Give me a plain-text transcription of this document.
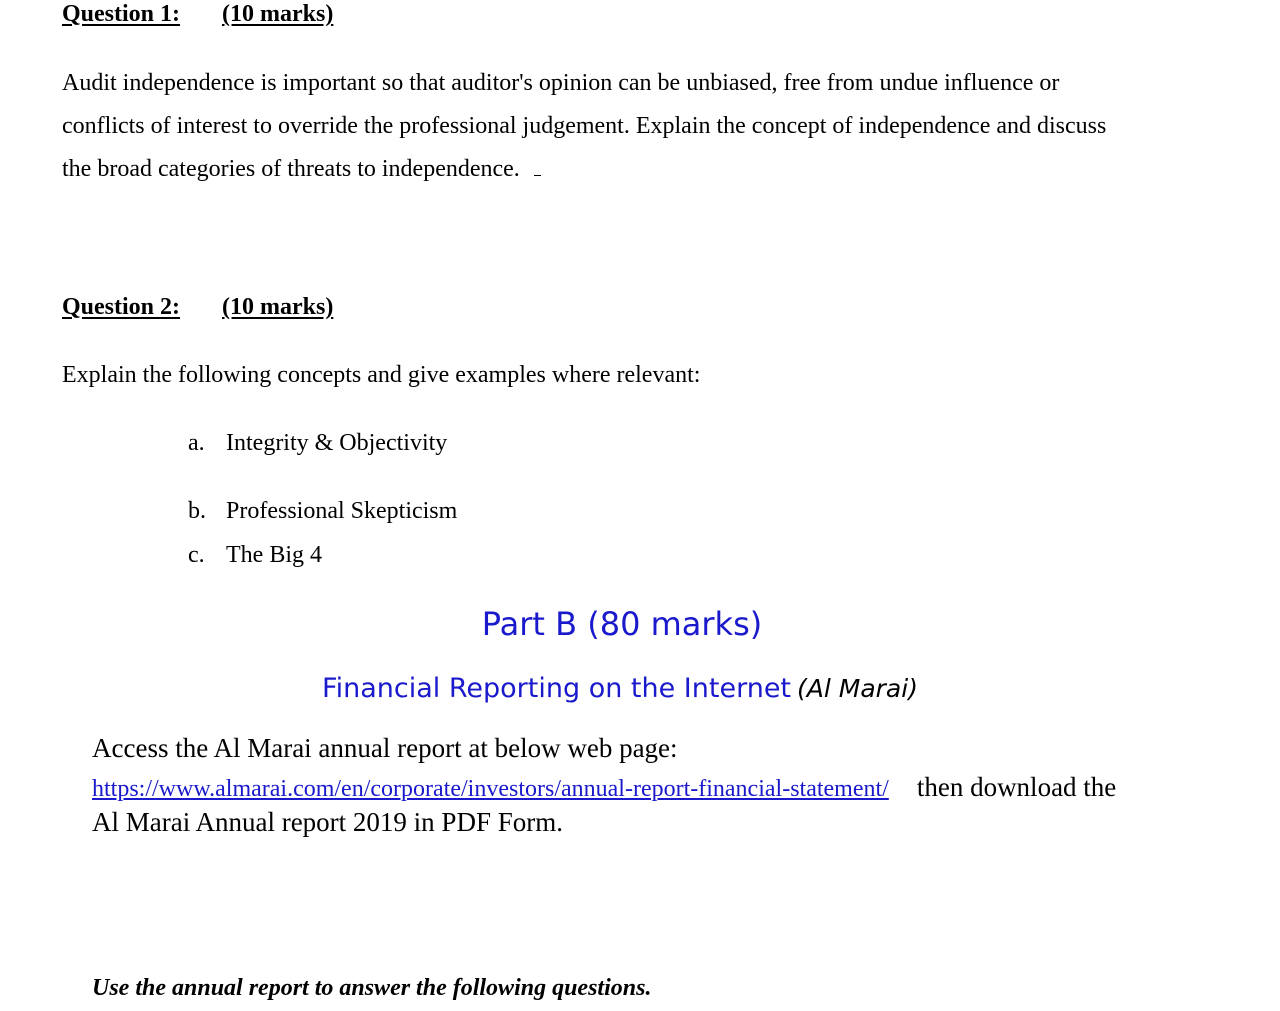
Question 1: (10 marks)
Audit independence is important so that auditor's opinion can be unbiased, free from undue influence or
conflicts of interest to override the professional judgement. Explain the concept of independence and discuss
the broad categories of threats to independence.
Question 2: (10 marks)
Explain the following concepts and give examples where relevant:
a. Integrity & Objectivity
b. Professional Skepticism
c. The Big 4
Part B (80 marks)
Financial Reporting on the Internet (Al Marai)
Access the Al Marai annual report at below web page:
https://www.almarai.com/en/corporate/investors/annual-report-financial-statement/ then download the
Al Marai Annual report 2019 in PDF Form.
Use the annual report to answer the following questions.
